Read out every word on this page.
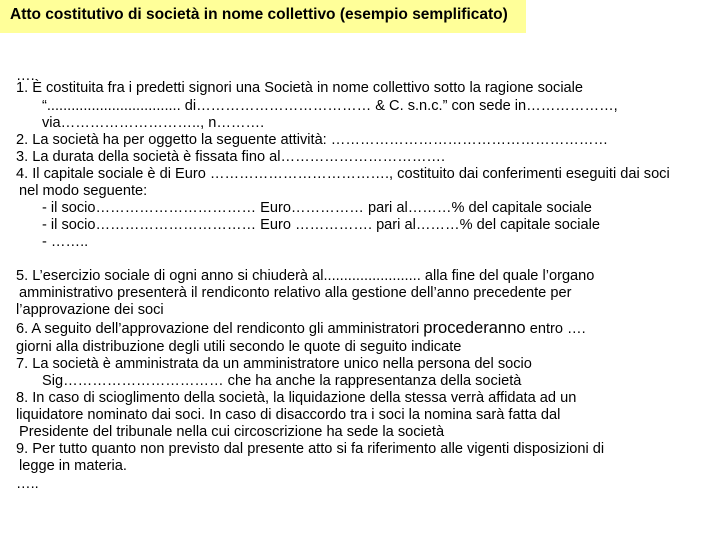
Atto costitutivo di società in nome collettivo (esempio semplificato)
….
1. È costituita fra i predetti signori una Società in nome collettivo sotto la ragione sociale
“................................. di……………………………… & C. s.n.c.” con sede in………………,
via……………………….., n……….
2. La società ha per oggetto la seguente attività: …………………………………………………
3. La durata della società è fissata fino al…………………………….
4. Il capitale sociale è di Euro ………………………………., costituito dai conferimenti eseguiti dai soci
nel modo seguente:
- il socio…………………………… Euro…………… pari al………% del capitale sociale
- il socio…………………………… Euro ……………. pari al………% del capitale sociale
- ……..
5. L’esercizio sociale di ogni anno si chiuderà al........................ alla fine del quale l’organo
amministrativo presenterà il rendiconto relativo alla gestione dell’anno precedente per
l’approvazione dei soci
6. A seguito dell’approvazione del rendiconto gli amministratori procederanno entro ….
giorni alla distribuzione degli utili secondo le quote di seguito indicate
7. La società è amministrata da un amministratore unico nella persona del socio
Sig…………………………… che ha anche la rappresentanza della società
8. In caso di scioglimento della società, la liquidazione della stessa verrà affidata ad un
liquidatore nominato dai soci. In caso di disaccordo tra i soci la nomina sarà fatta dal
Presidente del tribunale nella cui circoscrizione ha sede la società
9. Per tutto quanto non previsto dal presente atto si fa riferimento alle vigenti disposizioni di
legge in materia.
…..
